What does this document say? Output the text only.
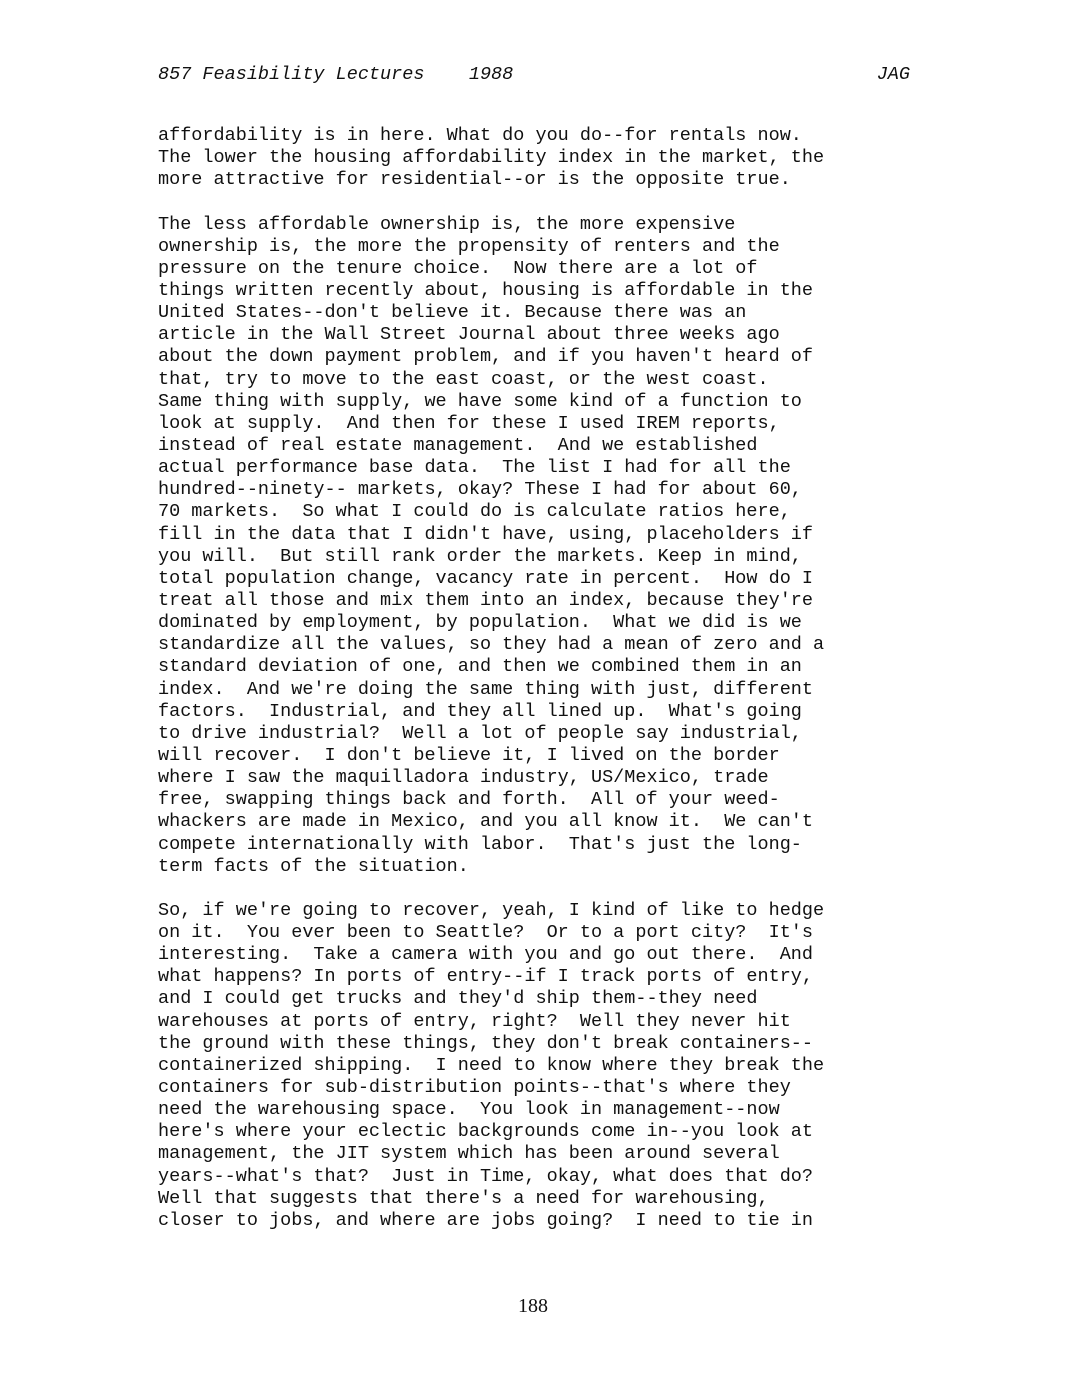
857 Feasibility Lectures    1988

	JAG

affordability is in here. What do you do--for rentals now.
The lower the housing affordability index in the market, the
more attractive for residential--or is the opposite true.
The less affordable ownership is, the more expensive
ownership is, the more the propensity of renters and the
pressure on the tenure choice.  Now there are a lot of
things written recently about, housing is affordable in the
United States--don't believe it. Because there was an
article in the Wall Street Journal about three weeks ago
about the down payment problem, and if you haven't heard of
that, try to move to the east coast, or the west coast.
Same thing with supply, we have some kind of a function to
look at supply.  And then for these I used IREM reports,
instead of real estate management.  And we established
actual performance base data.  The list I had for all the
hundred--ninety-- markets, okay? These I had for about 60,
70 markets.  So what I could do is calculate ratios here,
fill in the data that I didn't have, using, placeholders if
you will.  But still rank order the markets. Keep in mind,
total population change, vacancy rate in percent.  How do I
treat all those and mix them into an index, because they're
dominated by employment, by population.  What we did is we
standardize all the values, so they had a mean of zero and a
standard deviation of one, and then we combined them in an
index.  And we're doing the same thing with just, different
factors.  Industrial, and they all lined up.  What's going
to drive industrial?  Well a lot of people say industrial,
will recover.  I don't believe it, I lived on the border
where I saw the maquilladora industry, US/Mexico, trade
free, swapping things back and forth.  All of your weed-
whackers are made in Mexico, and you all know it.  We can't
compete internationally with labor.  That's just the long-
term facts of the situation.
So, if we're going to recover, yeah, I kind of like to hedge
on it.  You ever been to Seattle?  Or to a port city?  It's
interesting.  Take a camera with you and go out there.  And
what happens? In ports of entry--if I track ports of entry,
and I could get trucks and they'd ship them--they need
warehouses at ports of entry, right?  Well they never hit
the ground with these things, they don't break containers--
containerized shipping.  I need to know where they break the
containers for sub-distribution points--that's where they
need the warehousing space.  You look in management--now
here's where your eclectic backgrounds come in--you look at
management, the JIT system which has been around several
years--what's that?  Just in Time, okay, what does that do?
Well that suggests that there's a need for warehousing,
closer to jobs, and where are jobs going?  I need to tie in
188
